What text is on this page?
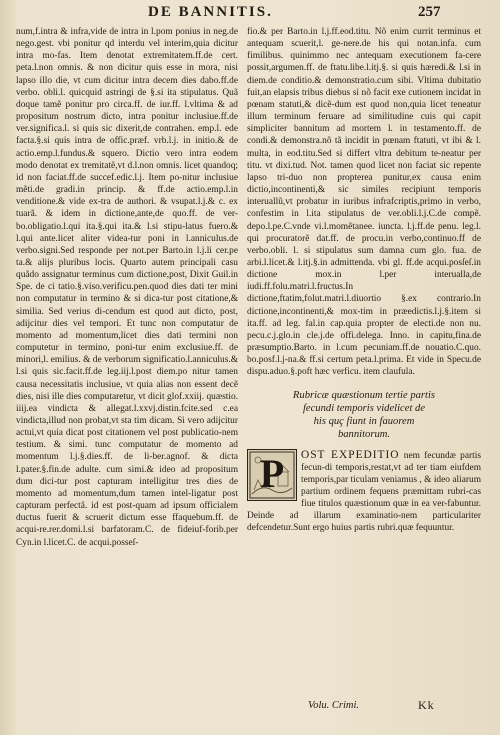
DE BANNITIS.	257

num,f.intra & infra,vide de intra in l.pom ponius in neg.de nego.gest. vbi ponitur qd interdu vel interim,quia dicitur intra mo-fas. Item denotat extremitatem.ff.de cert. peta.l.non omnis. & non dicitur quis esse in mora, nisi lapso illo die, vt cum dicitur intra decem dies dabo.ff.de verbo. obli.l. quicquid astringi de §.si ita stipulatus. Quã doque tamẽ ponitur pro circa.ff. de iur.ff. l.vltima & ad propositum nostrum dicto, intra ponitur inclusiue.ff.de ver.significa.l. si quis sic dixerit,de contrahen. emp.l. ede facta.§.si quis intra de offic.præf. vrb.l.j. in initio.& de actio.emp.l.fundus.& squero. Dictio vero intra eodem modo denotat ex tremitatẽ,vt d.l.non omnis. licet quandoq; id non faciat.ff.de succef.edic.l.j. Item po-nitur inclusiue mẽti.de gradi.in princip. & ff.de actio.emp.l.in venditione.& vide ex-tra de authori. & vsupat.l.j.& c. ex tuarã. & idem in dictione,ante,de quo.ff. de ver-bo.obligatio.l.qui ita.§.qui ita.& l.si stipu-latus fuero.& l.qui ante.licet aliter videa-tur poni in l.anniculus.de verbo.signi.Sed responde per not.per Barto.in l.j.li cer.pe ta.& alijs pluribus locis. Quarto autem principali casu quãdo assignatur terminus cum dictione,post, Dixit Guil.in Spe. de ci tatio.§.viso.verificu.pen.quod dies dati ter mini non computatur in termino & si dica-tur post citatione,& similia. Sed verius di-cendum est quod aut dicto, post, adijcitur dies vel tempori. Et tunc non computatur de momento ad momentum,licet dies dati termini non computetur in termino, poni-tur enim exclusiue.ff. de minori,l. emilius. & de verborum significatio.l.anniculus.& l.si quis sic.facit.ff.de leg.iij.l.post diem.po nitur tamen causa necessitatis inclusiue, vt quia alias non essent decẽ dies, nisi ille dies computaretur, vt dicit glof.xxiij. quæstio. iiij.ea vindicta & allegat.l.xxvj.distin.fcite.sed c.ea vindicta,illud non probat,vt sta tim dicam. Si vero adijcitur actui,vt quia dicat post citationem vel post publicatio-nem testium. & simi. tunc computatur de momento ad momentum l.j.§.dies.ff. de li-ber.agnof. & dicta l.pater.§.fin.de adulte. cum simi.& ideo ad propositum dum dici-tur post capturam intelligitur tres dies de momento ad momentum,dum tamen intel-ligatur post capturam perfectã. id est post-quam ad ipsum officialem ductus fuerit & scruerit dictum esse ffaquebum.ff. de acqui-re.rer.domi.l.si barfatoram.C. de fideiuf-forib.per Cyn.in l.licet.C. de acqui.posseſ-

fio.& per Barto.in l.j.ff.eod.titu. Nõ enim currit terminus et antequam scuerit,l. ge-nere.de his qui notan.infa. cum fimilibus. quinimmo nec antequam executionem fa-cere possit,argumen.ff. de ftatu.libe.l.itj.§. si quis hæredi.& l.si in diem.de conditio.& demonstratio.cum sibi. Vltima dubitatio fuit,an elapsis tribus diebus si nõ facit exe cutionem incidat in pœnam statuti,& dicẽ-dum est quod non,quia licet teneatur illum terminum feruare ad similitudine cuis qui capit simpliciter bannitum ad mortem l. in testamento.ff. de condi.& demonstra.nõ tã incidit in pœnam ftatuti, vt ibi & l. multa, in eod.titu.Sed si differt vltra debitum te-neatur per titu. vt dixi.tud. Not. tamen quod licet non faciat sic repente lapso tri-duo non propterea punitur,ex causa enim dictio,incontinenti,& sic similes recipiunt temporis interuallũ,vt probatur in iuribus infrafcriptis,primo in verbo, confestim in l.ita stipulatus de ver.obli.l.j.C.de compẽ. depo.l.pe.C.vnde vi.l.momẽtanee. iuncta. l.j.ff.de penu. leg.l. qui procuratorẽ dat.ff. de procu.in verbo,continuo.ff de verbo.obli. l. si stipulatus sum damna cum glo. fua. de arbi.l.licet.& l.itj.§.in admittenda. vbi gl. ff.de acqui.posſeſ.in dictione mox.in l.per interualla,de iudi.ff.folu.matri.l.fructus.In dictione,ftatim,folut.matri.l.diuortio §.ex contrario.In dictione,incontinenti,& mox-tim in præedictis.l.j.§.item si ita.ff. ad leg. fal.in cap.quia propter de electi.de non nu. pecu.c.j.glo.in cle.j.de offi.delega. Inno. in capitu,fina.de præsumptio.Barto. in l.cum pecuniam.ff.de nouatio.C.quo. bo.posf.l.j-na.& ff.si certum peta.l.prima. Et vide in Specu.de dispu.aduo.§.poft hæc verficu. item claufula.

Rubricæ quæstionum tertie partis
fecundi temporis videlicet de
his quç fiunt in fauorem
bannitorum.
P	OST EXPEDITIO nem fecundæ partis fecun-di temporis,restat,vt ad ter tiam eiufdem temporis,par ticulam veniamus , & ideo aliarum partium ordinem fequens præmittam rubri-cas fiue titulos quæstionum quæ in ea ver-fabuntur. Deinde ad illarum examinatio-nem particulariter defcendetur.Sunt ergo huius partis rubri.quæ fequuntur.
Volu. Crimi.	Kk
